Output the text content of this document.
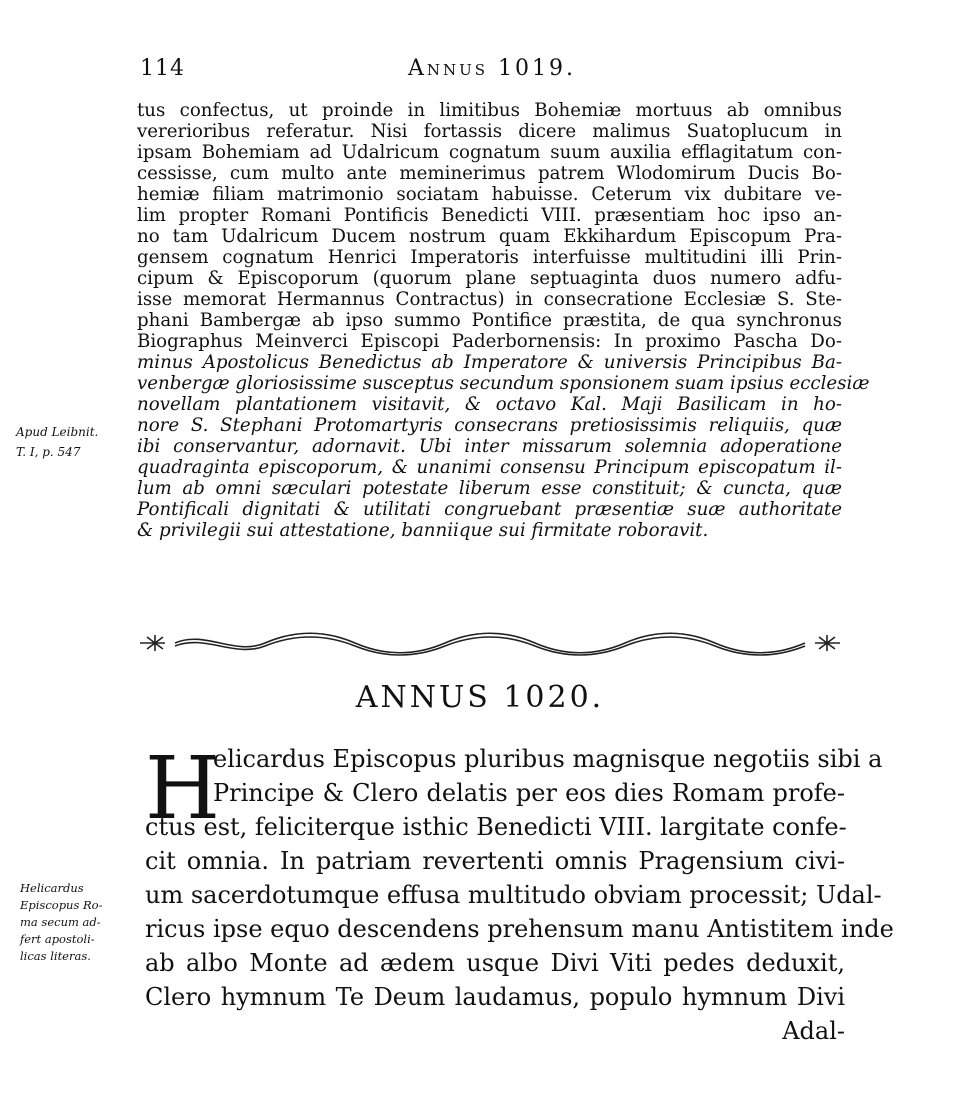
114	Annus 1019.
tus confectus, ut proinde in limitibus Bohemiæ mortuus ab omnibus
vererioribus referatur. Nisi fortassis dicere malimus Suatoplucum in
ipsam Bohemiam ad Udalricum cognatum suum auxilia efflagitatum con-
cessisse, cum multo ante meminerimus patrem Wlodomirum Ducis Bo-
hemiæ filiam matrimonio sociatam habuisse. Ceterum vix dubitare ve-
lim propter Romani Pontificis Benedicti VIII. præsentiam hoc ipso an-
no tam Udalricum Ducem nostrum quam Ekkihardum Episcopum Pra-
gensem cognatum Henrici Imperatoris interfuisse multitudini illi Prin-
cipum & Episcoporum (quorum plane septuaginta duos numero adfu-
isse memorat Hermannus Contractus) in consecratione Ecclesiæ S. Ste-
phani Bambergæ ab ipso summo Pontifice præstita, de qua synchronus
Biographus Meinverci Episcopi Paderbornensis: In proximo Pascha Do-
minus Apostolicus Benedictus ab Imperatore & universis Principibus Ba-
venbergæ gloriosissime susceptus secundum sponsionem suam ipsius ecclesiæ
novellam plantationem visitavit, & octavo Kal. Maji Basilicam in ho-
nore S. Stephani Protomartyris consecrans pretiosissimis reliquiis, quæ
ibi conservantur, adornavit. Ubi inter missarum solemnia adoperatione
quadraginta episcoporum, & unanimi consensu Principum episcopatum il-
lum ab omni sæculari potestate liberum esse constituit; & cuncta, quæ
Pontificali dignitati & utilitati congruebant præsentiæ suæ authoritate
& privilegii sui attestatione, banniique sui firmitate roboravit.
Apud Leibnit.
T. I, p. 547
ANNUS 1020.
H
elicardus Episcopus pluribus magnisque negotiis sibi a
Principe & Clero delatis per eos dies Romam profe-
ctus est, feliciterque isthic Benedicti VIII. largitate confe-
cit omnia. In patriam revertenti omnis Pragensium civi-
um sacerdotumque effusa multitudo obviam processit; Udal-
ricus ipse equo descendens prehensum manu Antistitem inde
ab albo Monte ad ædem usque Divi Viti pedes deduxit,
Clero hymnum Te Deum laudamus, populo hymnum Divi
Adal-
Helicardus
Episcopus Ro-
ma secum ad-
fert apostoli-
licas literas.
